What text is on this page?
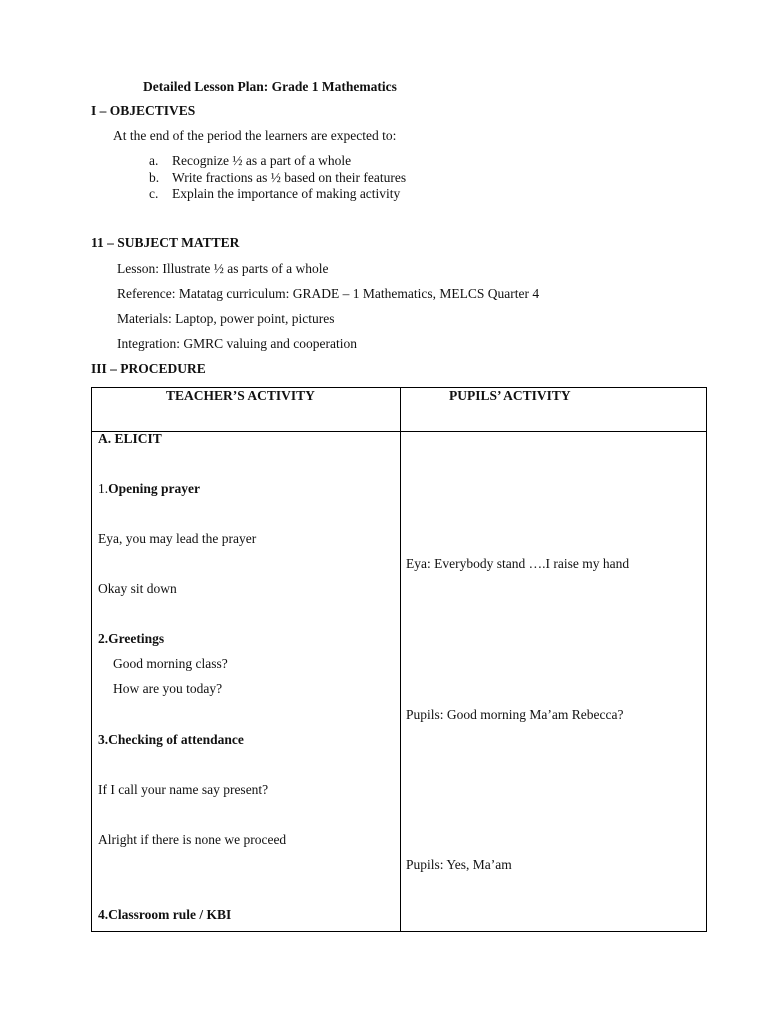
Detailed Lesson Plan: Grade 1 Mathematics
I – OBJECTIVES
At the end of the period the learners are expected to:
a. Recognize ½ as a part of a whole
b. Write fractions as ½ based on their features
c. Explain the importance of making activity
11 – SUBJECT MATTER
Lesson: Illustrate ½ as parts of a whole
Reference: Matatag curriculum: GRADE – 1 Mathematics, MELCS Quarter 4
Materials: Laptop, power point, pictures
Integration: GMRC valuing and cooperation
III – PROCEDURE
TEACHER’S ACTIVITY	PUPILS’ ACTIVITY
A. ELICIT
1.Opening prayer
Eya, you may lead the prayer
Okay sit down
2.Greetings
Good morning class?
How are you today?
3.Checking of attendance
If I call your name say present?
Alright if there is none we proceed
4.Classroom rule / KBI
Eya: Everybody stand ….I raise my hand
Pupils: Good morning Ma’am Rebecca?
Pupils: Yes, Ma’am
